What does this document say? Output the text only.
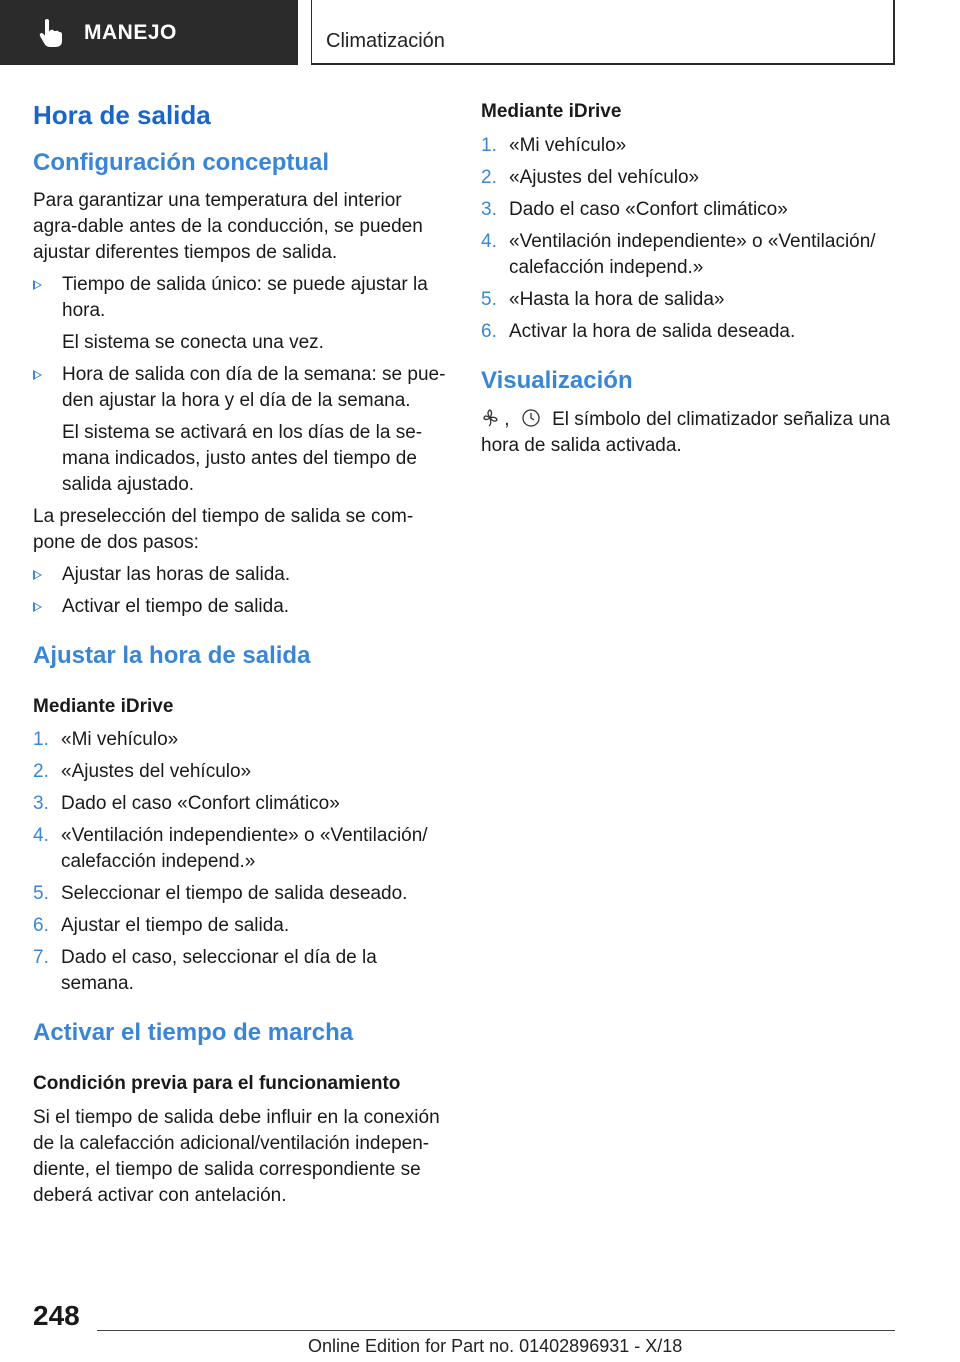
MANEJO	Climatización
Hora de salida
Configuración conceptual

Para garantizar una temperatura del interior agra-dable antes de la conducción, se pueden ajustar diferentes tiempos de salida.

Tiempo de salida único: se puede ajustar la hora.
El sistema se conecta una vez.
Hora de salida con día de la semana: se pue-den ajustar la hora y el día de la semana.
El sistema se activará en los días de la se-mana indicados, justo antes del tiempo de salida ajustado.

La preselección del tiempo de salida se com-pone de dos pasos:

Ajustar las horas de salida.
Activar el tiempo de salida.
Ajustar la hora de salida
Mediante iDrive
1. «Mi vehículo»
2. «Ajustes del vehículo»
3. Dado el caso «Confort climático»
4. «Ventilación independiente» o «Ventilación/ calefacción independ.»
5. Seleccionar el tiempo de salida deseado.
6. Ajustar el tiempo de salida.
7. Dado el caso, seleccionar el día de la semana.
Activar el tiempo de marcha
Condición previa para el funcionamiento

Si el tiempo de salida debe influir en la conexión de la calefacción adicional/ventilación indepen-diente, el tiempo de salida correspondiente se deberá activar con antelación.

Mediante iDrive
1. «Mi vehículo»
2. «Ajustes del vehículo»
3. Dado el caso «Confort climático»
4. «Ventilación independiente» o «Ventilación/ calefacción independ.»
5. «Hasta la hora de salida»
6. Activar la hora de salida deseada.
Visualización
, El símbolo del climatizador señaliza una hora de salida activada.
248
Online Edition for Part no. 01402896931 - X/18
